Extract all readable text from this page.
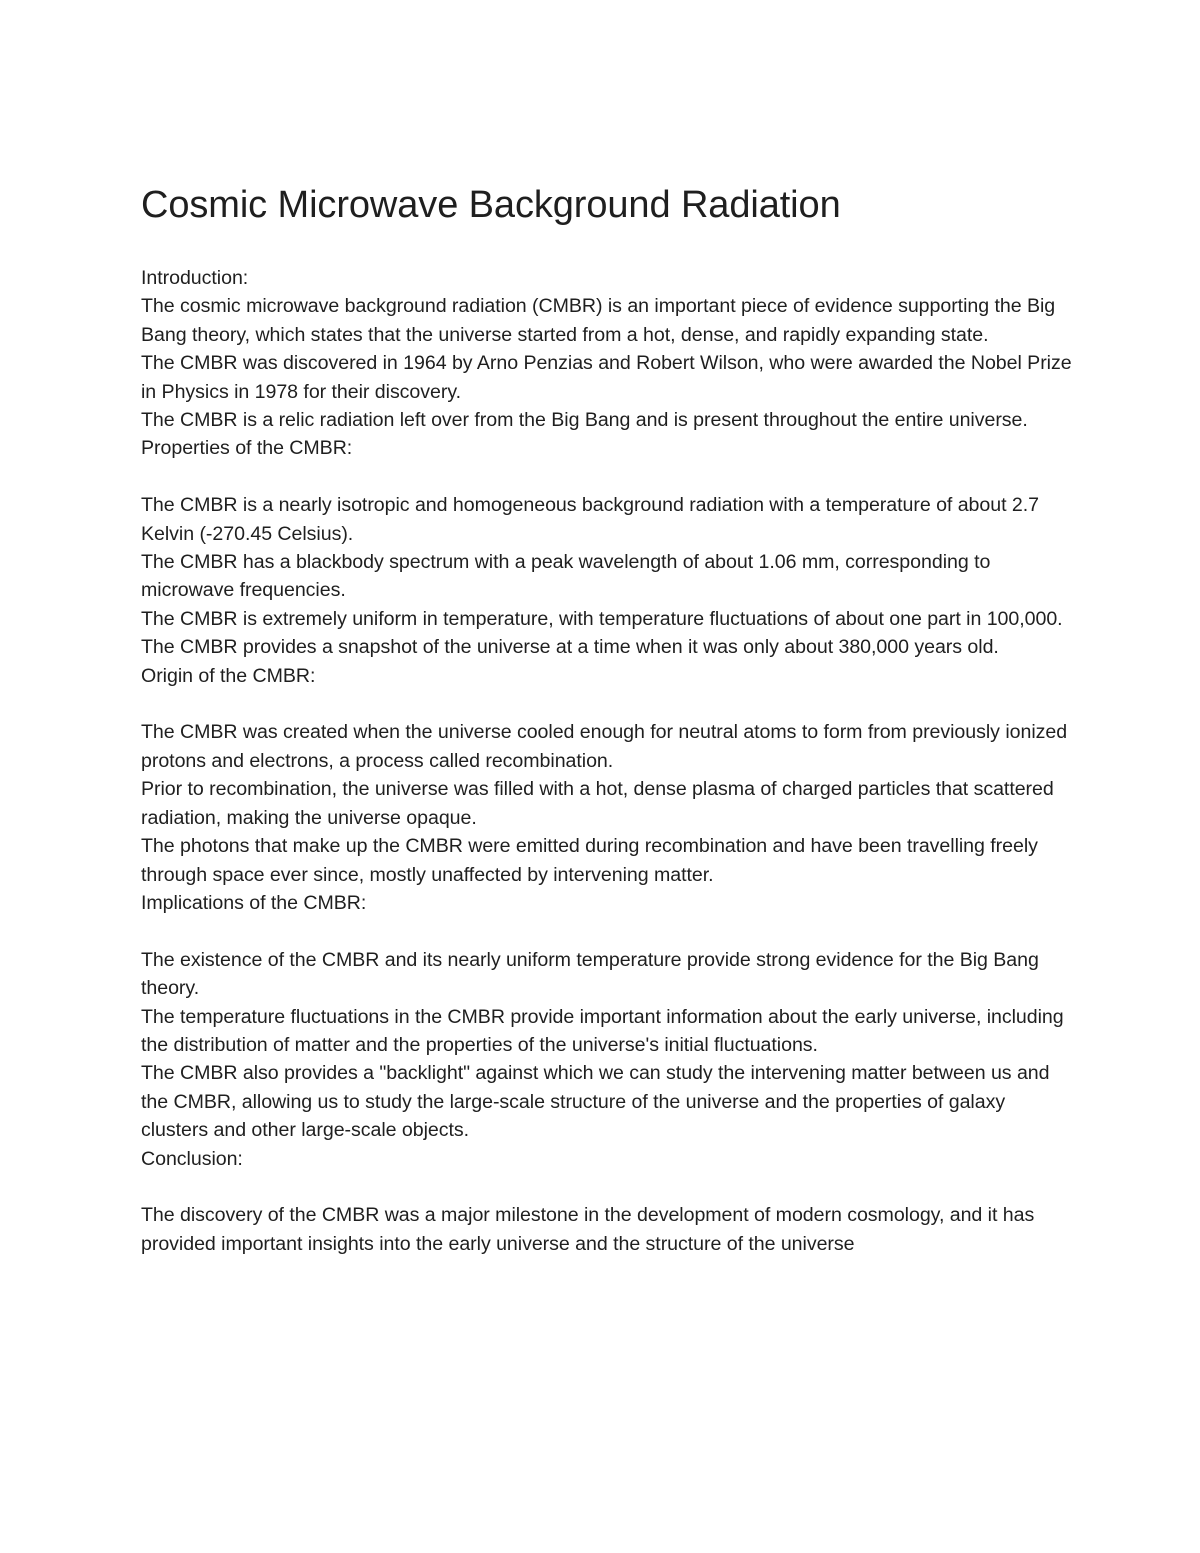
Cosmic Microwave Background Radiation

Introduction:

The cosmic microwave background radiation (CMBR) is an important piece of evidence supporting the Big Bang theory, which states that the universe started from a hot, dense, and rapidly expanding state.

The CMBR was discovered in 1964 by Arno Penzias and Robert Wilson, who were awarded the Nobel Prize in Physics in 1978 for their discovery.

The CMBR is a relic radiation left over from the Big Bang and is present throughout the entire universe.

Properties of the CMBR:

The CMBR is a nearly isotropic and homogeneous background radiation with a temperature of about 2.7 Kelvin (-270.45 Celsius).

The CMBR has a blackbody spectrum with a peak wavelength of about 1.06 mm, corresponding to microwave frequencies.

The CMBR is extremely uniform in temperature, with temperature fluctuations of about one part in 100,000.

The CMBR provides a snapshot of the universe at a time when it was only about 380,000 years old.

Origin of the CMBR:

The CMBR was created when the universe cooled enough for neutral atoms to form from previously ionized protons and electrons, a process called recombination.

Prior to recombination, the universe was filled with a hot, dense plasma of charged particles that scattered radiation, making the universe opaque.

The photons that make up the CMBR were emitted during recombination and have been travelling freely through space ever since, mostly unaffected by intervening matter.

Implications of the CMBR:

The existence of the CMBR and its nearly uniform temperature provide strong evidence for the Big Bang theory.

The temperature fluctuations in the CMBR provide important information about the early universe, including the distribution of matter and the properties of the universe's initial fluctuations.

The CMBR also provides a "backlight" against which we can study the intervening matter between us and the CMBR, allowing us to study the large-scale structure of the universe and the properties of galaxy clusters and other large-scale objects.

Conclusion:

The discovery of the CMBR was a major milestone in the development of modern cosmology, and it has provided important insights into the early universe and the structure of the universe
